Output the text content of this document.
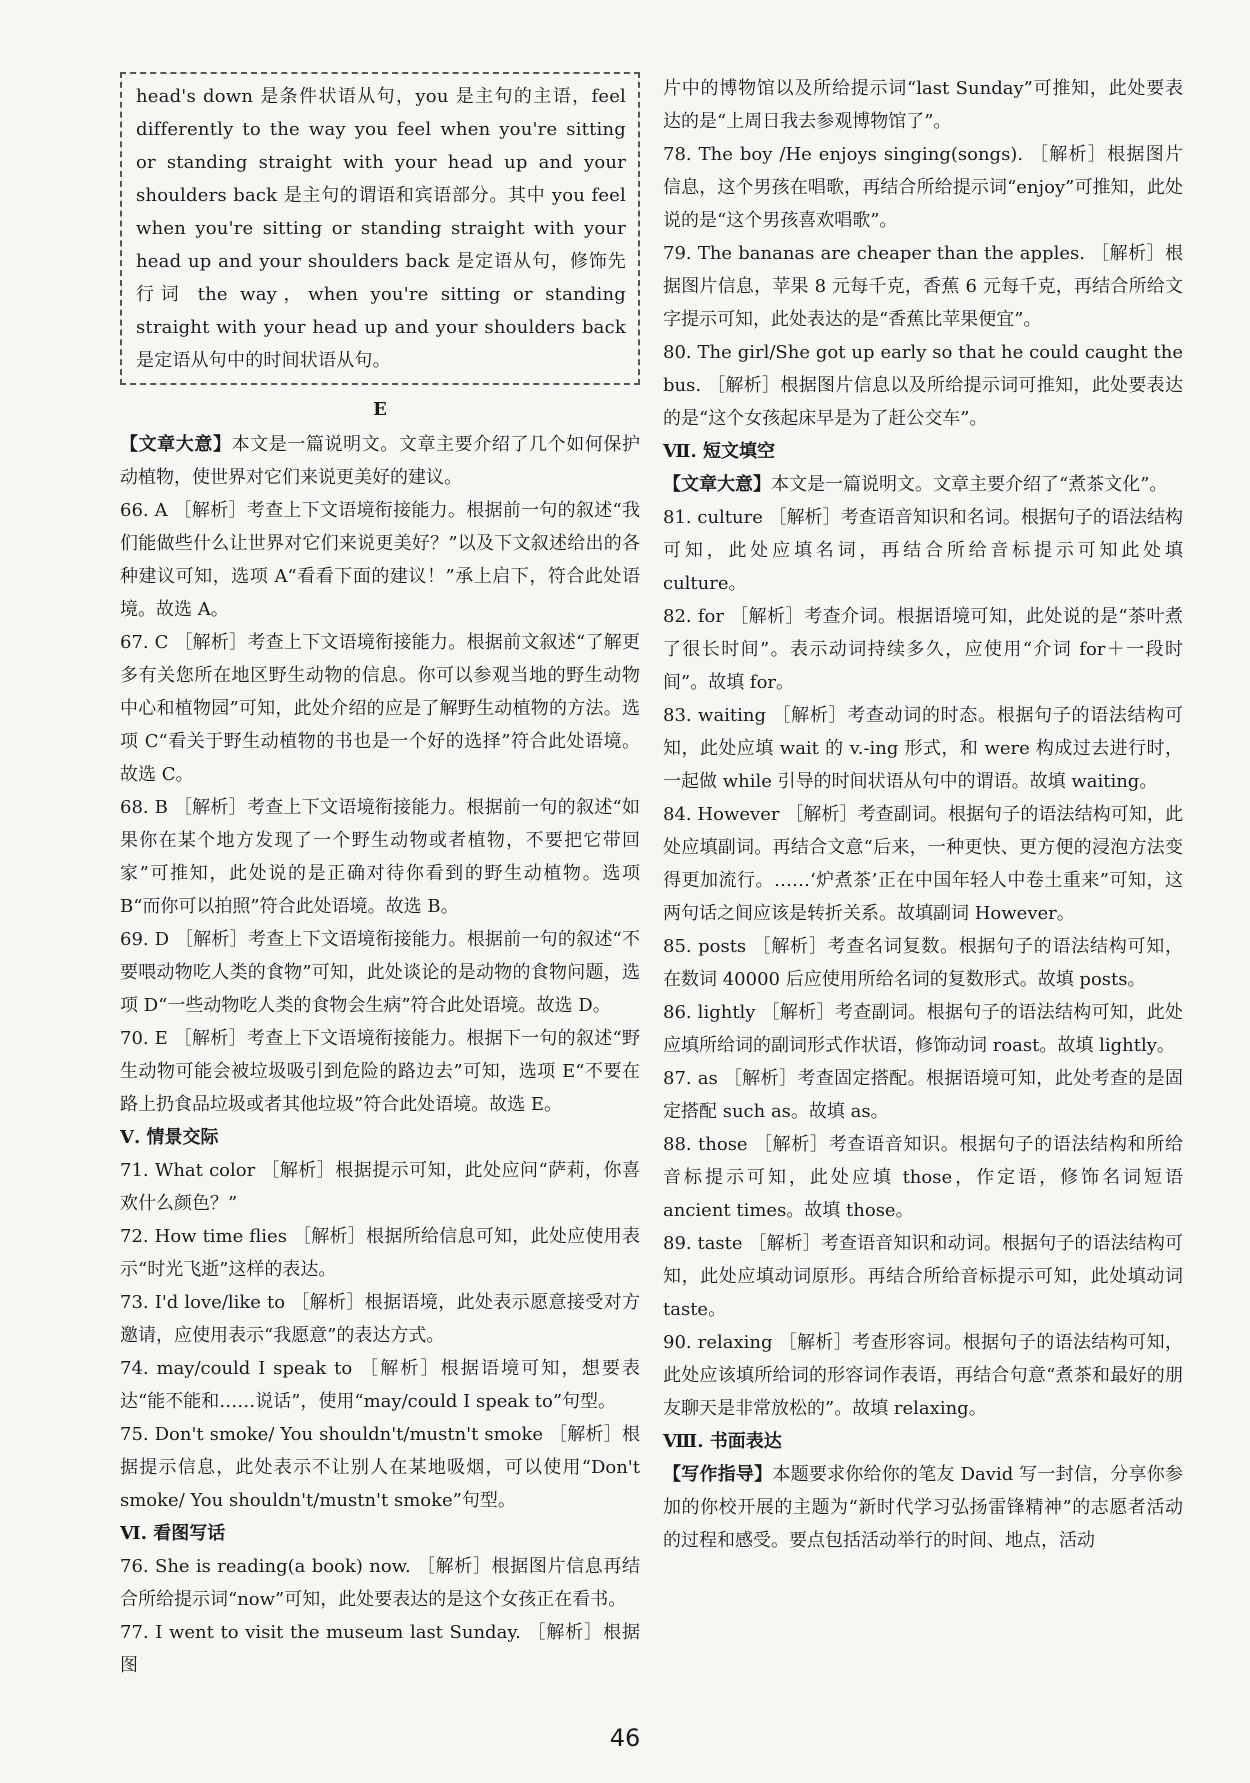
head's down 是条件状语从句，you 是主句的主语，feel differently to the way you feel when you're sitting or standing straight with your head up and your shoulders back 是主句的谓语和宾语部分。其中 you feel when you're sitting or standing straight with your head up and your shoulders back 是定语从句，修饰先行词 the way，when you're sitting or standing straight with your head up and your shoulders back 是定语从句中的时间状语从句。

E

【文章大意】本文是一篇说明文。文章主要介绍了几个如何保护动植物，使世界对它们来说更美好的建议。

66. A ［解析］考查上下文语境衔接能力。根据前一句的叙述“我们能做些什么让世界对它们来说更美好？”以及下文叙述给出的各种建议可知，选项 A“看看下面的建议！”承上启下，符合此处语境。故选 A。

67. C ［解析］考查上下文语境衔接能力。根据前文叙述“了解更多有关您所在地区野生动物的信息。你可以参观当地的野生动物中心和植物园”可知，此处介绍的应是了解野生动植物的方法。选项 C“看关于野生动植物的书也是一个好的选择”符合此处语境。故选 C。

68. B ［解析］考查上下文语境衔接能力。根据前一句的叙述“如果你在某个地方发现了一个野生动物或者植物，不要把它带回家”可推知，此处说的是正确对待你看到的野生动植物。选项 B“而你可以拍照”符合此处语境。故选 B。

69. D ［解析］考查上下文语境衔接能力。根据前一句的叙述“不要喂动物吃人类的食物”可知，此处谈论的是动物的食物问题，选项 D“一些动物吃人类的食物会生病”符合此处语境。故选 D。

70. E ［解析］考查上下文语境衔接能力。根据下一句的叙述“野生动物可能会被垃圾吸引到危险的路边去”可知，选项 E“不要在路上扔食品垃圾或者其他垃圾”符合此处语境。故选 E。

Ⅴ. 情景交际

71. What color ［解析］根据提示可知，此处应问“萨莉，你喜欢什么颜色？”

72. How time flies ［解析］根据所给信息可知，此处应使用表示“时光飞逝”这样的表达。

73. I'd love/like to ［解析］根据语境，此处表示愿意接受对方邀请，应使用表示“我愿意”的表达方式。

74. may/could I speak to ［解析］根据语境可知，想要表达“能不能和……说话”，使用“may/could I speak to”句型。

75. Don't smoke/ You shouldn't/mustn't smoke ［解析］根据提示信息，此处表示不让别人在某地吸烟，可以使用“Don't smoke/ You shouldn't/mustn't smoke”句型。

Ⅵ. 看图写话

76. She is reading(a book) now. ［解析］根据图片信息再结合所给提示词“now”可知，此处要表达的是这个女孩正在看书。

77. I went to visit the museum last Sunday. ［解析］根据图

片中的博物馆以及所给提示词“last Sunday”可推知，此处要表达的是“上周日我去参观博物馆了”。

78. The boy /He enjoys singing(songs). ［解析］根据图片信息，这个男孩在唱歌，再结合所给提示词“enjoy”可推知，此处说的是“这个男孩喜欢唱歌”。

79. The bananas are cheaper than the apples. ［解析］根据图片信息，苹果 8 元每千克，香蕉 6 元每千克，再结合所给文字提示可知，此处表达的是“香蕉比苹果便宜”。

80. The girl/She got up early so that he could caught the bus. ［解析］根据图片信息以及所给提示词可推知，此处要表达的是“这个女孩起床早是为了赶公交车”。

Ⅶ. 短文填空

【文章大意】本文是一篇说明文。文章主要介绍了“煮茶文化”。

81. culture ［解析］考查语音知识和名词。根据句子的语法结构可知，此处应填名词，再结合所给音标提示可知此处填 culture。

82. for ［解析］考查介词。根据语境可知，此处说的是“茶叶煮了很长时间”。表示动词持续多久，应使用“介词 for＋一段时间”。故填 for。

83. waiting ［解析］考查动词的时态。根据句子的语法结构可知，此处应填 wait 的 v.-ing 形式，和 were 构成过去进行时，一起做 while 引导的时间状语从句中的谓语。故填 waiting。

84. However ［解析］考查副词。根据句子的语法结构可知，此处应填副词。再结合文意“后来，一种更快、更方便的浸泡方法变得更加流行。……‘炉煮茶’正在中国年轻人中卷土重来”可知，这两句话之间应该是转折关系。故填副词 However。

85. posts ［解析］考查名词复数。根据句子的语法结构可知，在数词 40000 后应使用所给名词的复数形式。故填 posts。

86. lightly ［解析］考查副词。根据句子的语法结构可知，此处应填所给词的副词形式作状语，修饰动词 roast。故填 lightly。

87. as ［解析］考查固定搭配。根据语境可知，此处考查的是固定搭配 such as。故填 as。

88. those ［解析］考查语音知识。根据句子的语法结构和所给音标提示可知，此处应填 those，作定语，修饰名词短语 ancient times。故填 those。

89. taste ［解析］考查语音知识和动词。根据句子的语法结构可知，此处应填动词原形。再结合所给音标提示可知，此处填动词 taste。

90. relaxing ［解析］考查形容词。根据句子的语法结构可知，此处应该填所给词的形容词作表语，再结合句意“煮茶和最好的朋友聊天是非常放松的”。故填 relaxing。

Ⅷ. 书面表达

【写作指导】本题要求你给你的笔友 David 写一封信，分享你参加的你校开展的主题为“新时代学习弘扬雷锋精神”的志愿者活动的过程和感受。要点包括活动举行的时间、地点，活动

46
